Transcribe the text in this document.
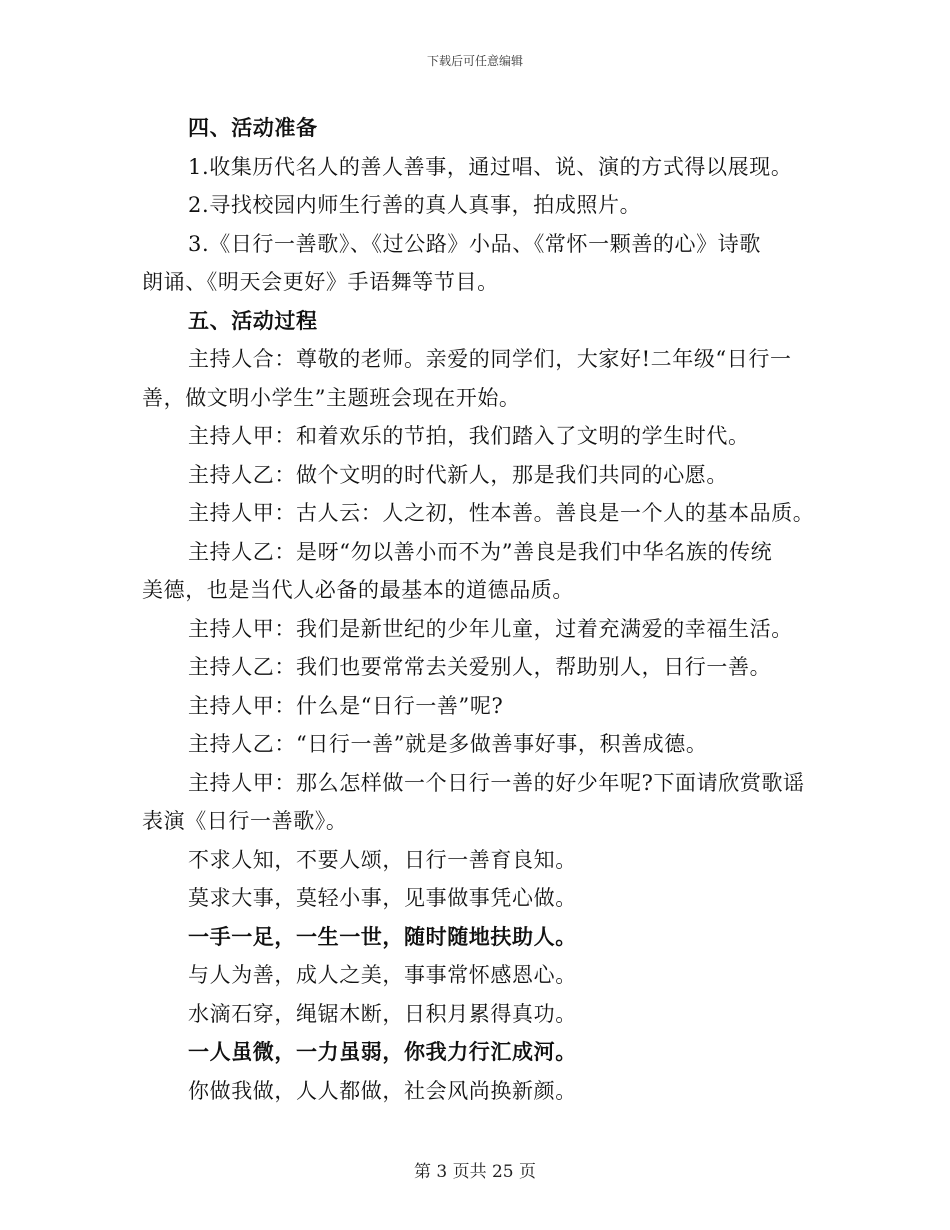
下载后可任意编辑
四、活动准备
1.收集历代名人的善人善事，通过唱、说、演的方式得以展现。
2.寻找校园内师生行善的真人真事，拍成照片。
3.《日行一善歌》、《过公路》小品、《常怀一颗善的心》诗歌
朗诵、《明天会更好》手语舞等节目。
五、活动过程
主持人合：尊敬的老师。亲爱的同学们，大家好!二年级“日行一
善，做文明小学生”主题班会现在开始。
主持人甲：和着欢乐的节拍，我们踏入了文明的学生时代。
主持人乙：做个文明的时代新人，那是我们共同的心愿。
主持人甲：古人云：人之初，性本善。善良是一个人的基本品质。
主持人乙：是呀“勿以善小而不为”善良是我们中华名族的传统
美德，也是当代人必备的最基本的道德品质。
主持人甲：我们是新世纪的少年儿童，过着充满爱的幸福生活。
主持人乙：我们也要常常去关爱别人，帮助别人，日行一善。
主持人甲：什么是“日行一善”呢?
主持人乙：“日行一善”就是多做善事好事，积善成德。
主持人甲：那么怎样做一个日行一善的好少年呢?下面请欣赏歌谣
表演《日行一善歌》。
不求人知，不要人颂，日行一善育良知。
莫求大事，莫轻小事，见事做事凭心做。
一手一足，一生一世，随时随地扶助人。
与人为善，成人之美，事事常怀感恩心。
水滴石穿，绳锯木断，日积月累得真功。
一人虽微，一力虽弱，你我力行汇成河。
你做我做，人人都做，社会风尚换新颜。
第 3 页共 25 页
